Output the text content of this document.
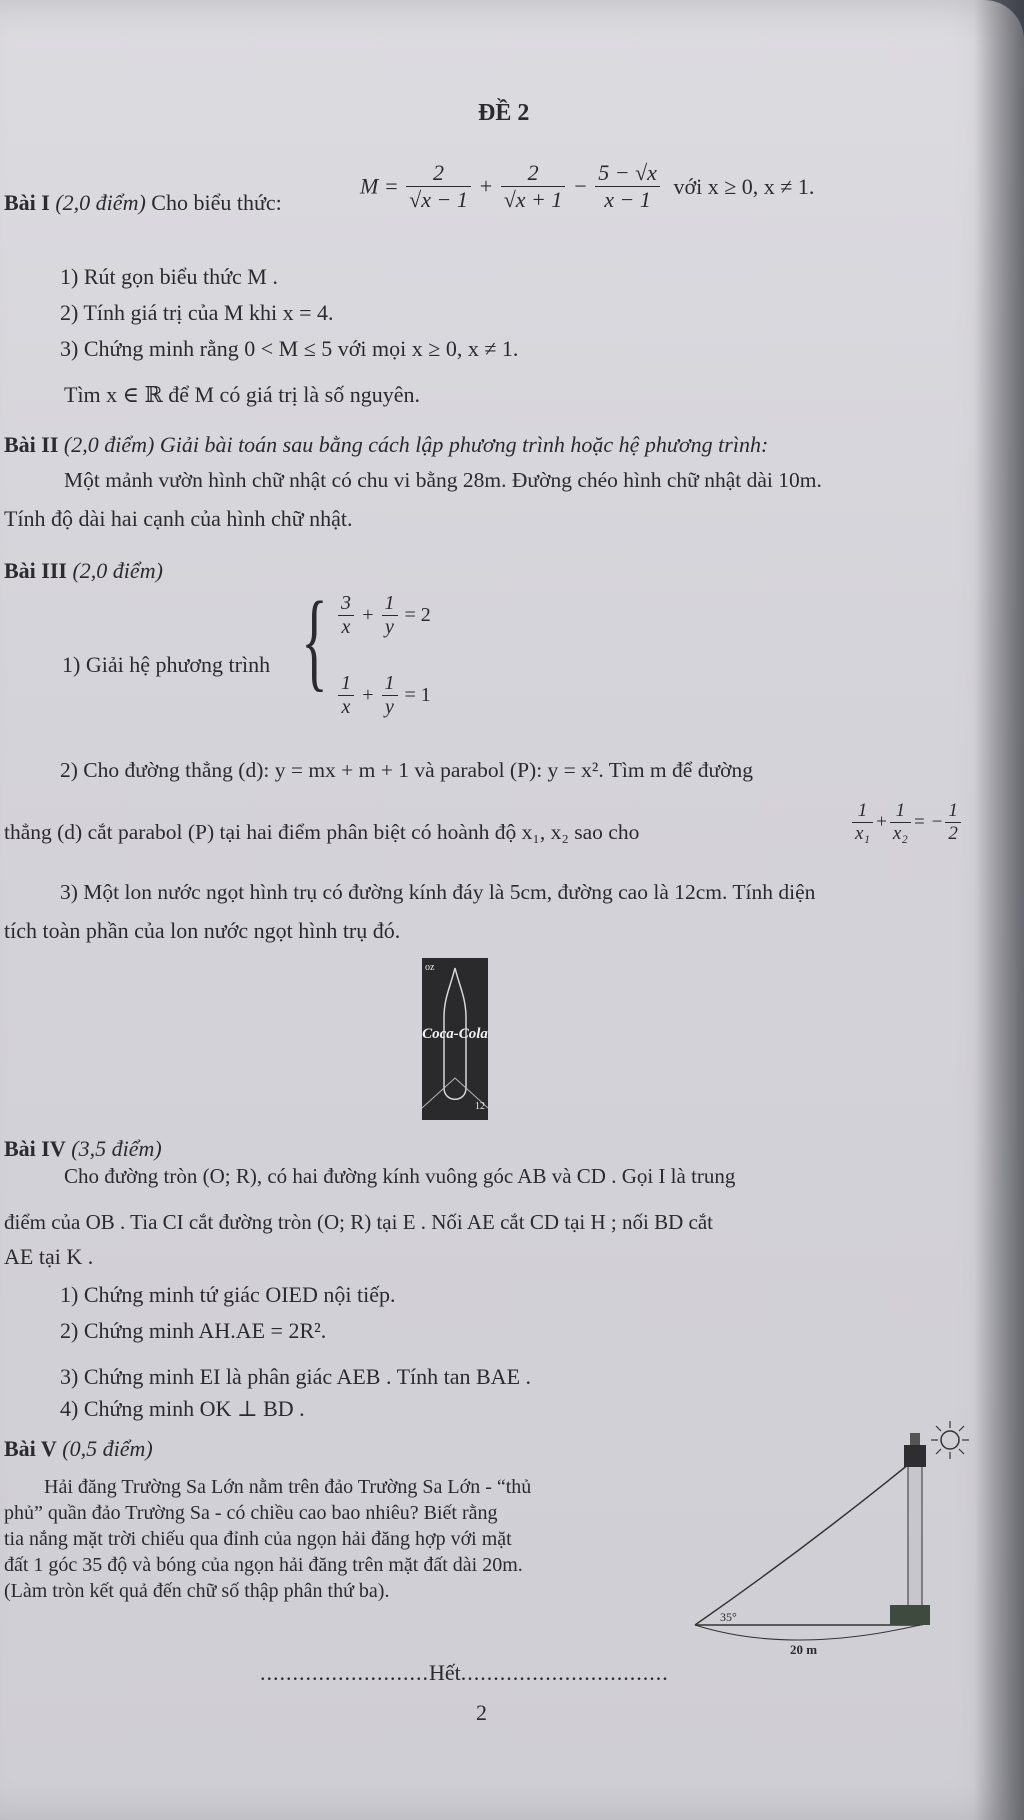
ĐỀ 2
Bài I (2,0 điểm) Cho biểu thức:
$M = \frac{2}{√x - 1} + \frac{2}{√x + 1} - \frac{5 - √x}{x - 1}$ với x ≥ 0, x ≠ 1.
1) Rút gọn biểu thức M .
2) Tính giá trị của M khi x = 4.
3) Chứng minh rằng 0 < M ≤ 5 với mọi x ≥ 0, x ≠ 1.
Tìm x ∈ ℝ để M có giá trị là số nguyên.
Bài II (2,0 điểm) Giải bài toán sau bằng cách lập phương trình hoặc hệ phương trình:
Một mảnh vườn hình chữ nhật có chu vi bằng 28m. Đường chéo hình chữ nhật dài 10m.
Tính độ dài hai cạnh của hình chữ nhật.
Bài III (2,0 điểm)
1) Giải hệ phương trình { $\frac{3}{x} + \frac{1}{y} = 2$
$\frac{1}{x} + \frac{1}{y} = 1$
2) Cho đường thẳng (d): y = mx + m + 1 và parabol (P): y = x². Tìm m để đường
thẳng (d) cắt parabol (P) tại hai điểm phân biệt có hoành độ x₁, x₂ sao cho	$\frac{1}{\text{x₁}} + \frac{1}{\text{x₂}}$ = − $\frac{1}{2}$
3) Một lon nước ngọt hình trụ có đường kính đáy là 5cm, đường cao là 12cm. Tính diện
tích toàn phần của lon nước ngọt hình trụ đó.
oz
Coca-Cola
12
Bài IV (3,5 điểm)
Cho đường tròn (O; R), có hai đường kính vuông góc AB và CD . Gọi I là trung
điểm của OB . Tia CI cắt đường tròn (O; R) tại E . Nối AE cắt CD tại H ; nối BD cắt
AE tại K .
1) Chứng minh tứ giác OIED nội tiếp.
2) Chứng minh AH.AE = 2R².
3) Chứng minh EI là phân giác AEB . Tính tan BAE .
4) Chứng minh OK ⊥ BD .
Bài V (0,5 điểm)
Hải đăng Trường Sa Lớn nằm trên đảo Trường Sa Lớn - “thủ
phủ” quần đảo Trường Sa - có chiều cao bao nhiêu? Biết rằng
tia nắng mặt trời chiếu qua đỉnh của ngọn hải đăng hợp với mặt
đất 1 góc 35 độ và bóng của ngọn hải đăng trên mặt đất dài 20m.
(Làm tròn kết quả đến chữ số thập phân thứ ba).
35°
20 m
..........................Hết................................
2
